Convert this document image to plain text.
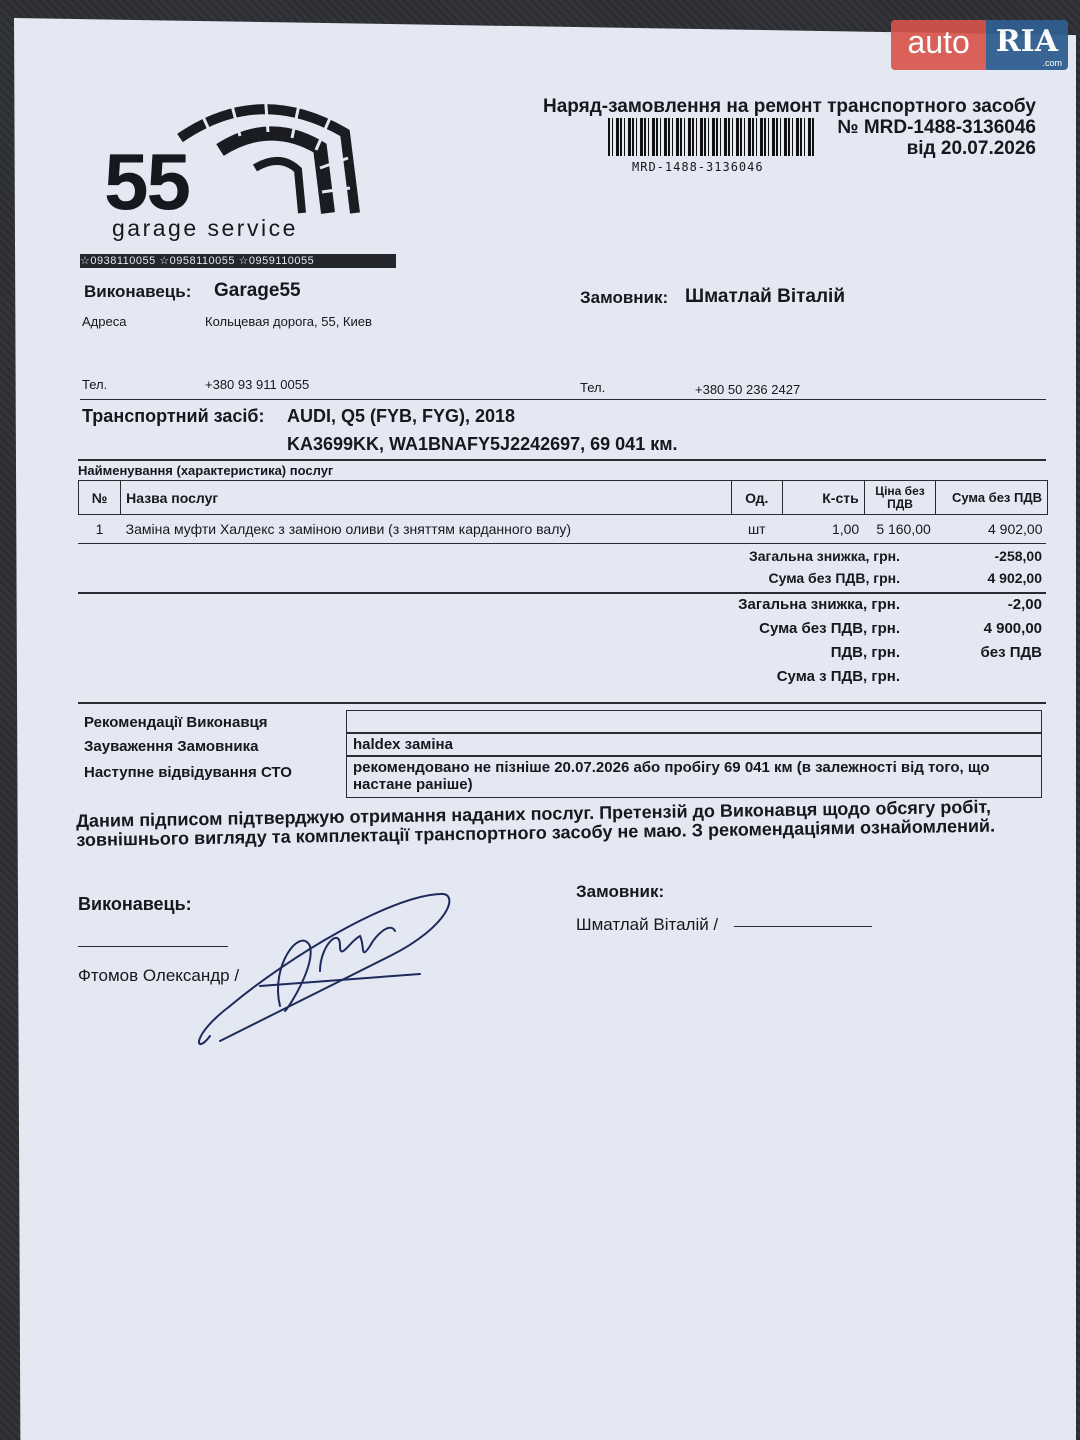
auto RIA
.com
55
garage service
☆0938110055 ☆0958110055 ☆0959110055
Наряд-замовлення на ремонт транспортного засобу
№ MRD-1488-3136046
від 20.07.2026
MRD-1488-3136046
Виконавець: Garage55
Адреса	Кольцевая дорога, 55, Киев
Тел.	+380 93 911 0055
Замовник: Шматлай Віталій
Тел.	+380 50 236 2427
Транспортний засіб: AUDI, Q5 (FYB, FYG), 2018
KA3699KK, WA1BNAFY5J2242697, 69 041 км.
Найменування (характеристика) послуг
№	Назва послуг	Од.	К-сть	Ціна без ПДВ	Сума без ПДВ
1	Заміна муфти Халдекс з заміною оливи (з зняттям карданного валу)	шт	1,00	5 160,00	4 902,00
Загальна знижка, грн.	-258,00
Сума без ПДВ, грн.	4 902,00
Загальна знижка, грн.	-2,00
Сума без ПДВ, грн.	4 900,00
ПДВ, грн.	без ПДВ
Сума з ПДВ, грн.
Рекомендації Виконавця
Зауваження Замовника	haldex заміна
Наступне відвідування СТО	рекомендовано не пізніше 20.07.2026 або пробігу 69 041 км (в залежності від того, що настане раніше)
Даним підписом підтверджую отримання наданих послуг. Претензій до Виконавця щодо обсягу робіт, зовнішнього вигляду та комплектації транспортного засобу не маю. З рекомендаціями ознайомлений.
Виконавець:
Фтомов Олександр /
Замовник:
Шматлай Віталій /
